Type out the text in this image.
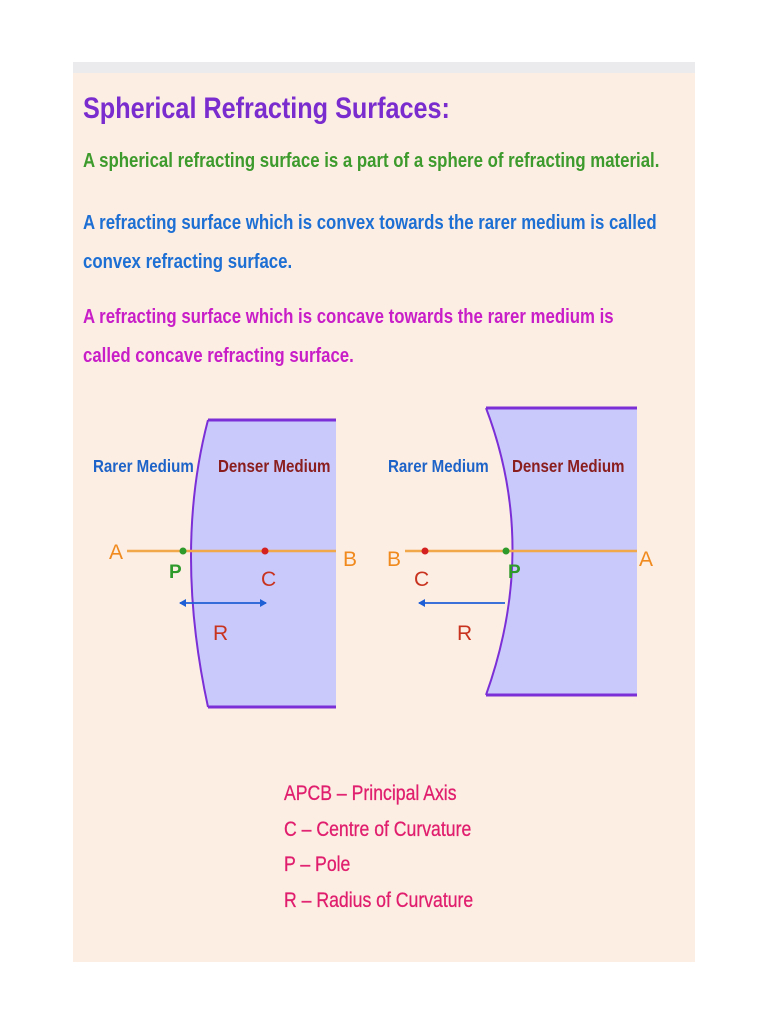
Spherical Refracting Surfaces:
A spherical refracting surface is a part of a sphere of refracting material.
A refracting surface which is convex towards the rarer medium is called
convex refracting surface.
A refracting surface which is concave towards the rarer medium is
called concave refracting surface.
Rarer Medium Denser Medium
A	B
P	C
R
Rarer Medium Denser Medium
B	A
P
C
R
APCB – Principal Axis
C – Centre of Curvature
P – Pole
R – Radius of Curvature
